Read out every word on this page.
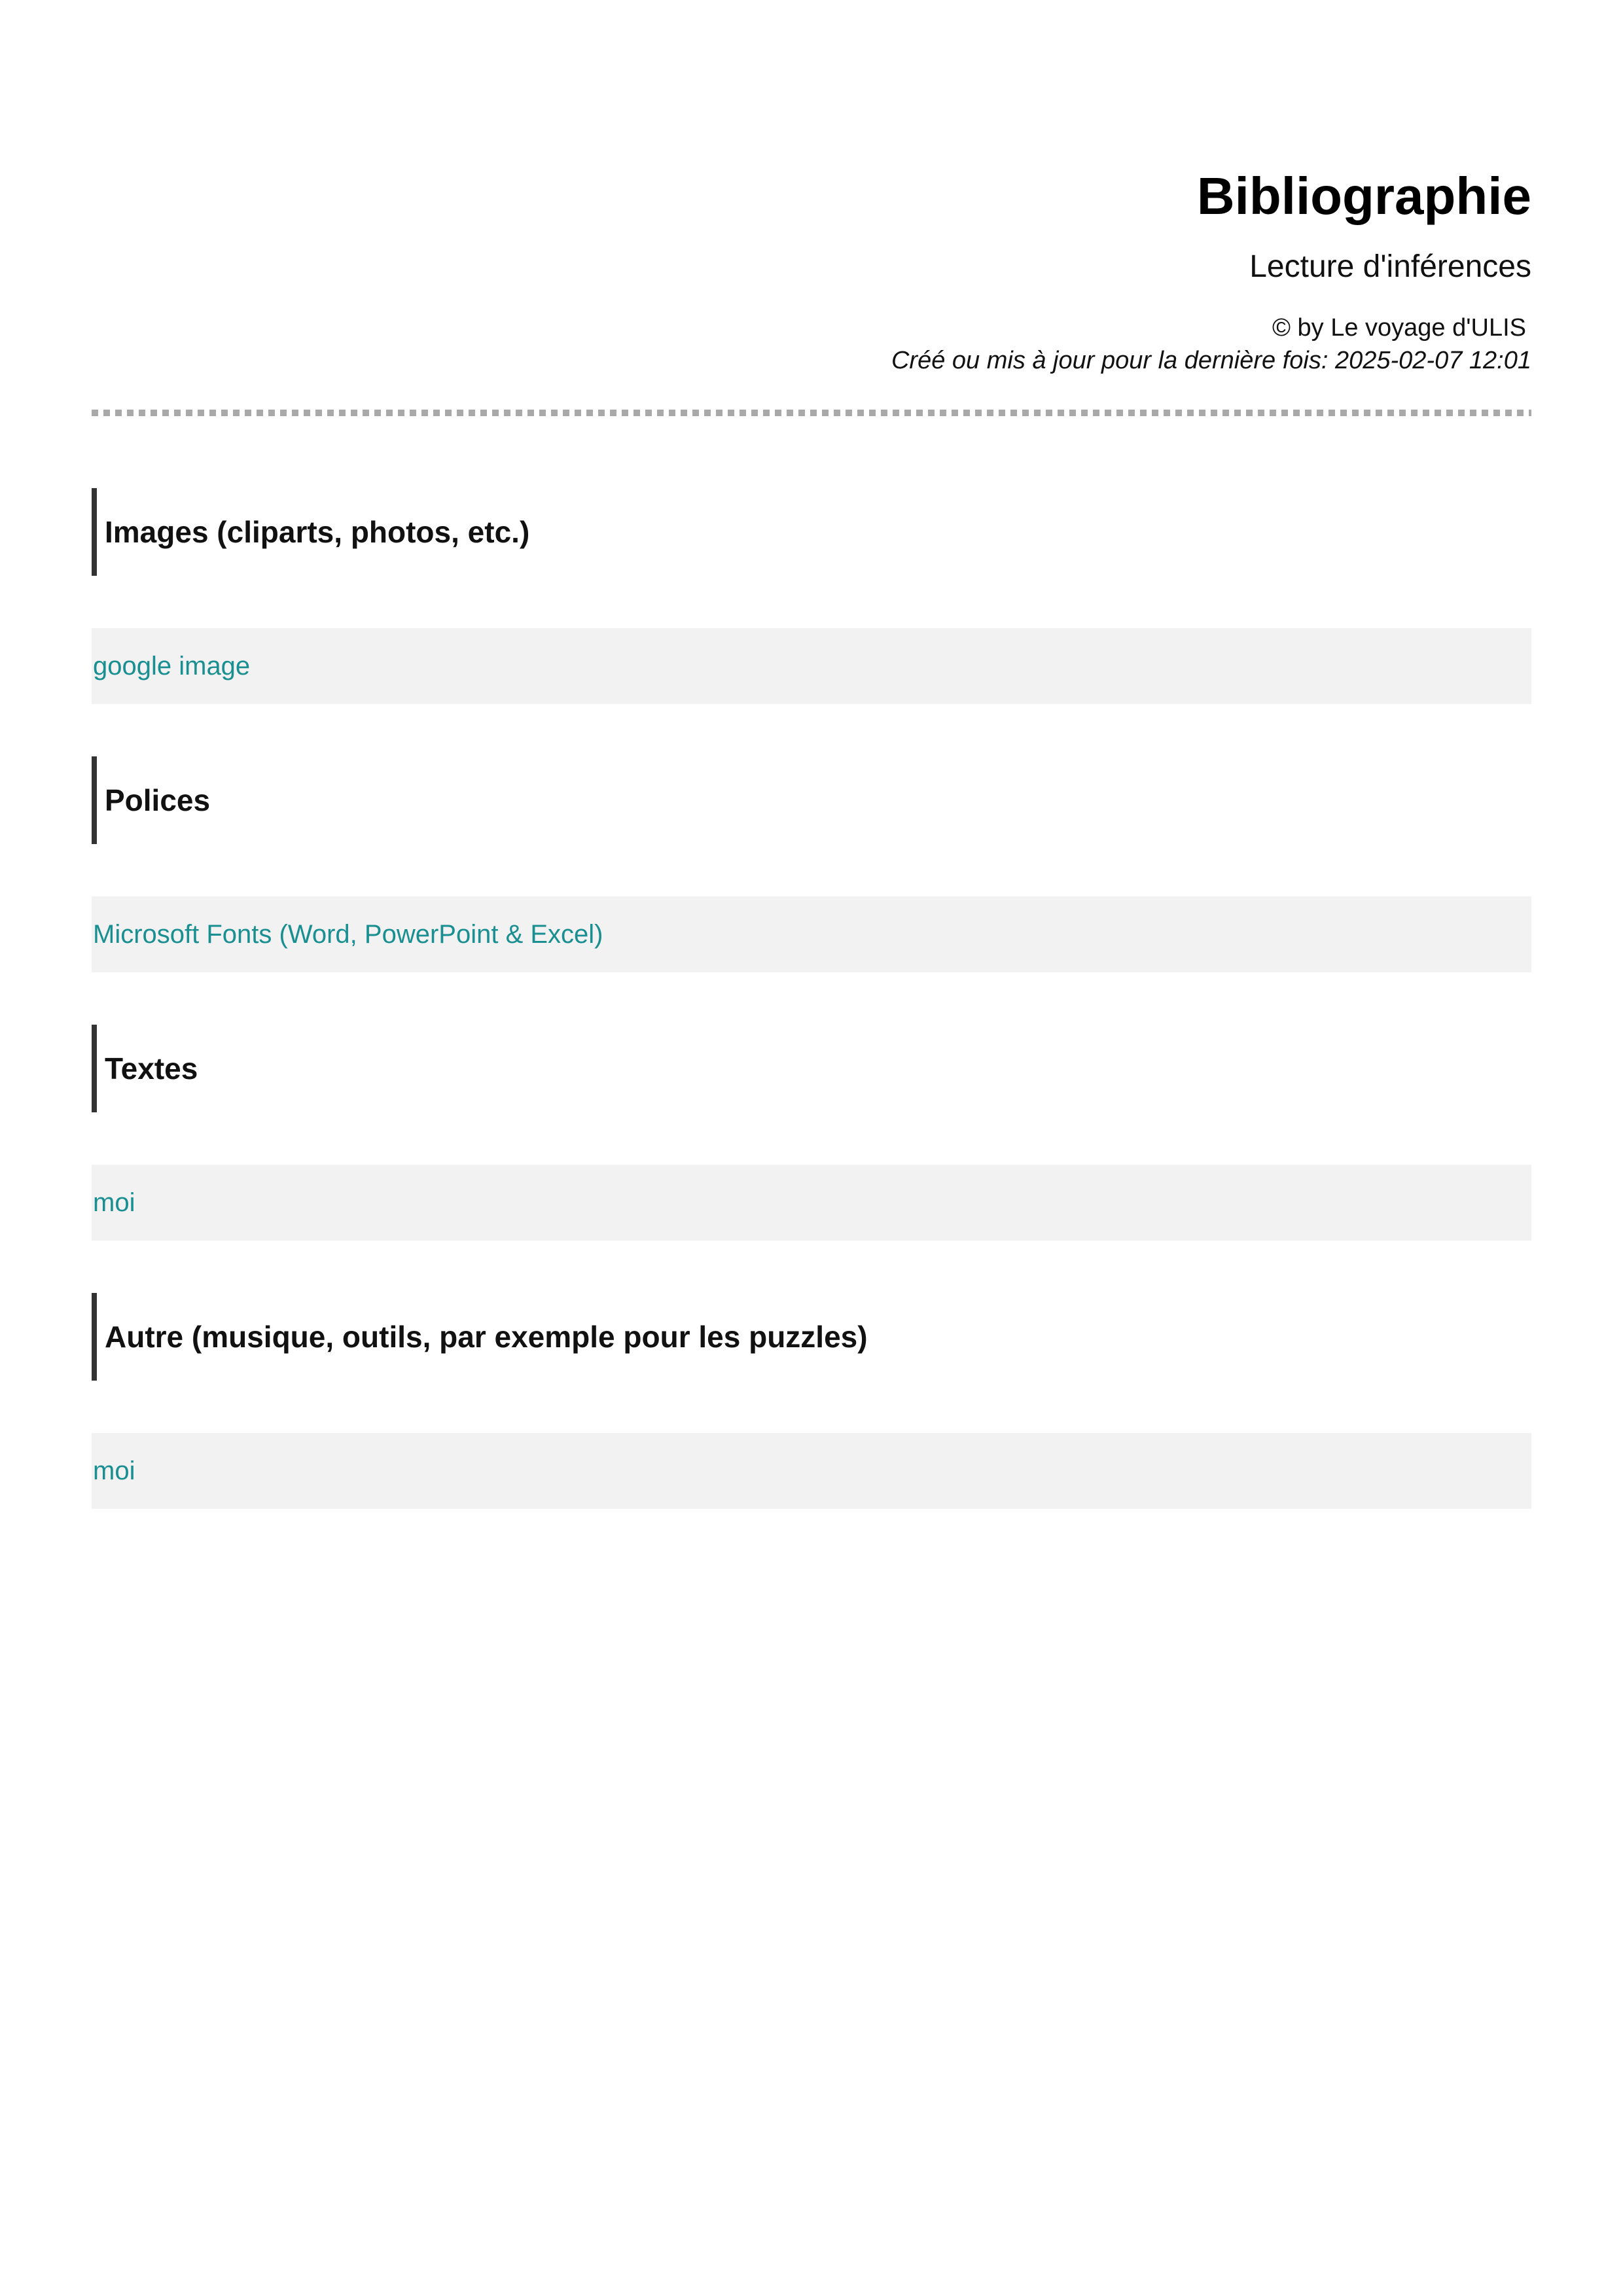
Bibliographie
Lecture d'inférences
© by Le voyage d'ULIS
Créé ou mis à jour pour la dernière fois: 2025-02-07 12:01
Images (cliparts, photos, etc.)
google image
Polices
Microsoft Fonts (Word, PowerPoint & Excel)
Textes
moi
Autre (musique, outils, par exemple pour les puzzles)
moi
